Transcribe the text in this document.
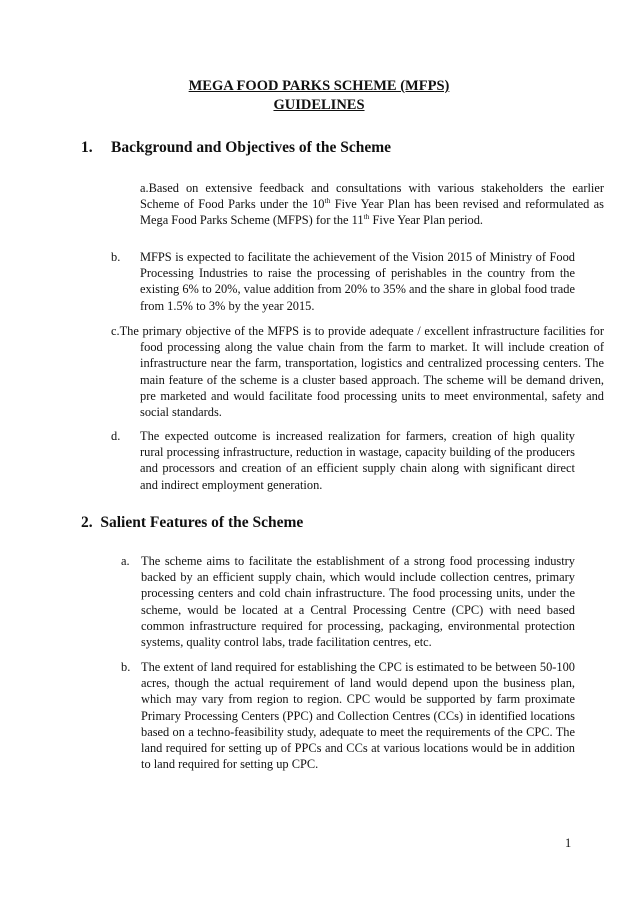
MEGA FOOD PARKS SCHEME (MFPS)
GUIDELINES
1. Background and Objectives of the Scheme
a.Based on extensive feedback and consultations with various stakeholders the earlier Scheme of Food Parks under the 10th Five Year Plan has been revised and reformulated as Mega Food Parks Scheme (MFPS) for the 11th Five Year Plan period.
b. MFPS is expected to facilitate the achievement of the Vision 2015 of Ministry of Food Processing Industries to raise the processing of perishables in the country from the existing 6% to 20%, value addition from 20% to 35% and the share in global food trade from 1.5% to 3% by the year 2015.
c.The primary objective of the MFPS is to provide adequate / excellent infrastructure facilities for food processing along the value chain from the farm to market. It will include creation of infrastructure near the farm, transportation, logistics and centralized processing centers. The main feature of the scheme is a cluster based approach. The scheme will be demand driven, pre marketed and would facilitate food processing units to meet environmental, safety and social standards.
d. The expected outcome is increased realization for farmers, creation of high quality rural processing infrastructure, reduction in wastage, capacity building of the producers and processors and creation of an efficient supply chain along with significant direct and indirect employment generation.
2.  Salient Features of the Scheme
a. The scheme aims to facilitate the establishment of a strong food processing industry backed by an efficient supply chain, which would include collection centres, primary processing centers and cold chain infrastructure. The food processing units, under the scheme, would be located at a Central Processing Centre (CPC) with need based common infrastructure required for processing, packaging, environmental protection systems, quality control labs, trade facilitation centres, etc.
b. The extent of land required for establishing the CPC is estimated to be between 50-100 acres, though the actual requirement of land would depend upon the business plan, which may vary from region to region. CPC would be supported by farm proximate Primary Processing Centers (PPC) and Collection Centres (CCs) in identified locations based on a techno-feasibility study, adequate to meet the requirements of the CPC. The land required for setting up of PPCs and CCs at various locations would be in addition to land required for setting up CPC.
1
